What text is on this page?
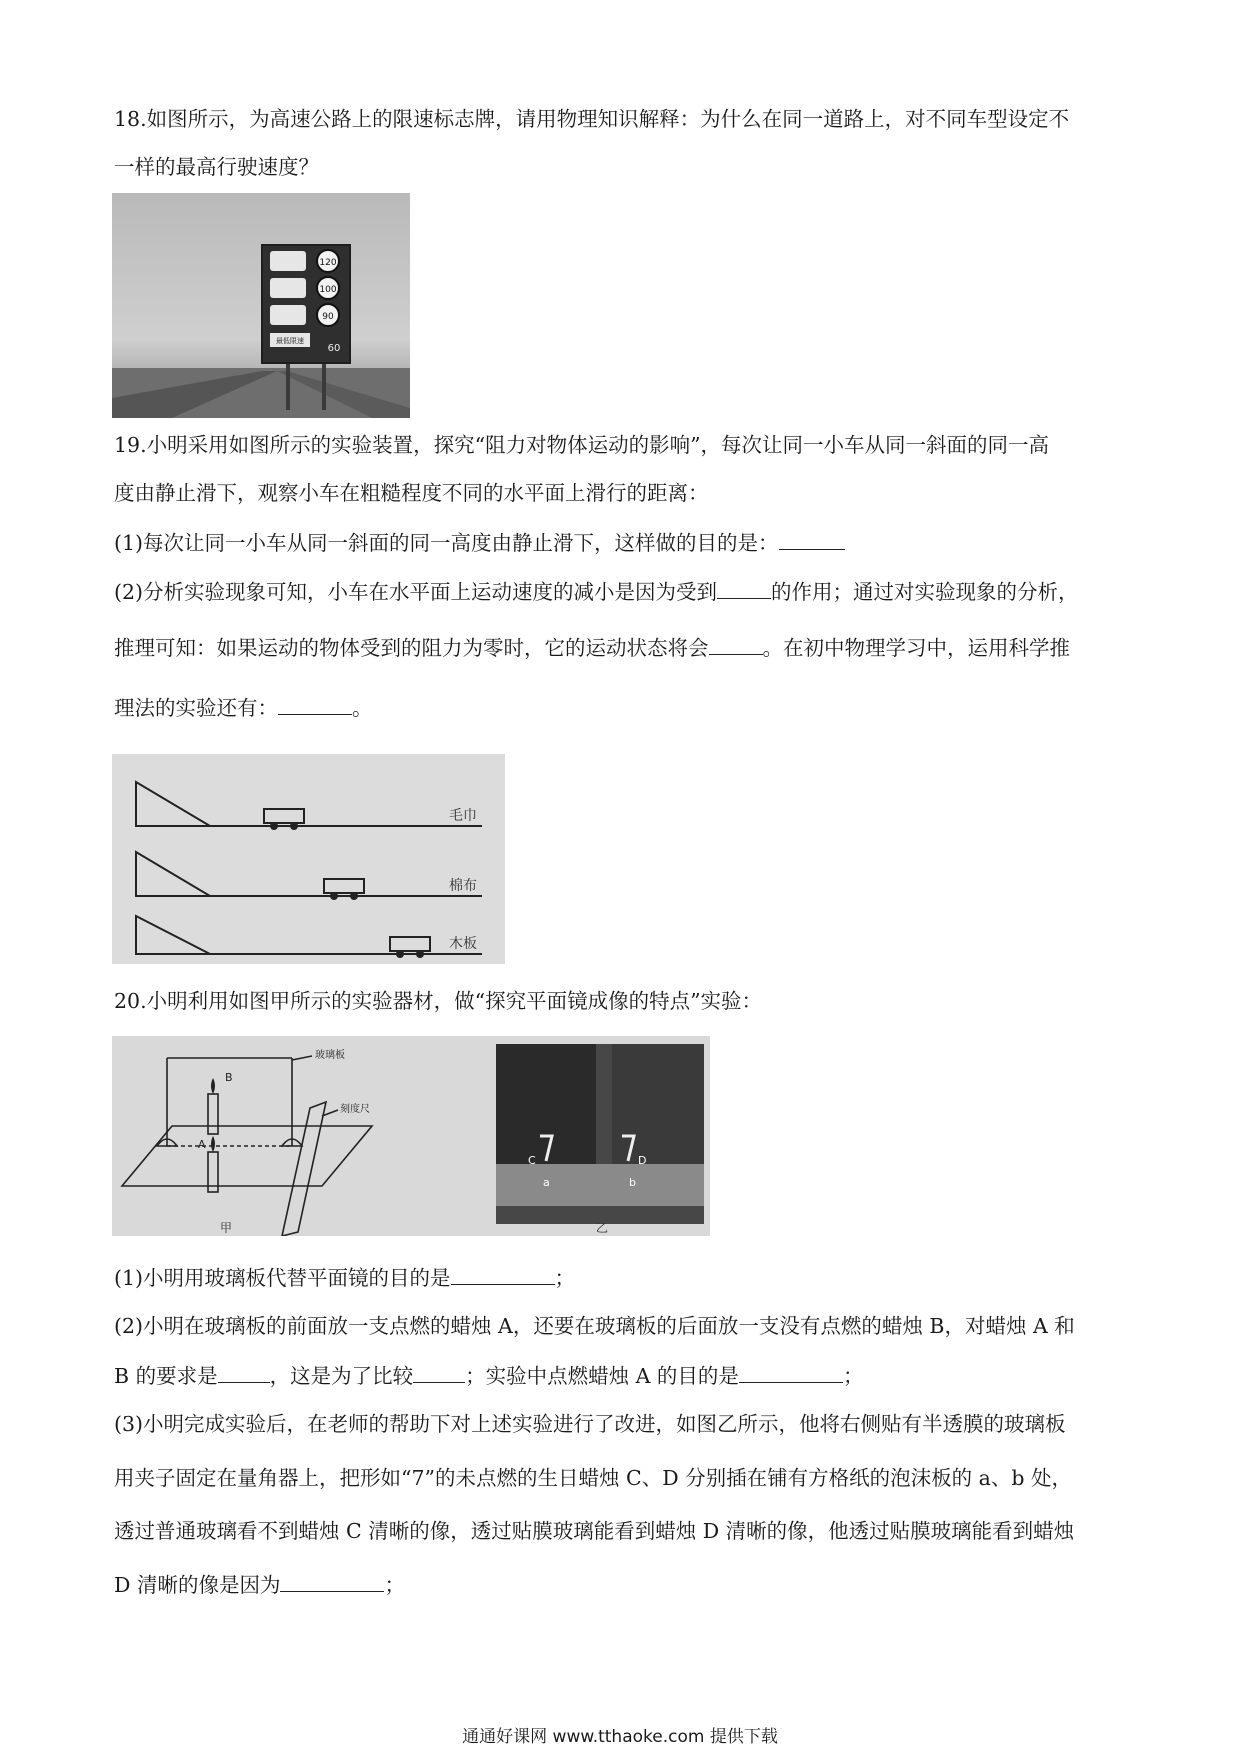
18.如图所示，为高速公路上的限速标志牌，请用物理知识解释：为什么在同一道路上，对不同车型设定不
一样的最高行驶速度？
120
100
90
最低限速
60
19.小明采用如图所示的实验装置，探究“阻力对物体运动的影响”，每次让同一小车从同一斜面的同一高
度由静止滑下，观察小车在粗糙程度不同的水平面上滑行的距离：
(1)每次让同一小车从同一斜面的同一高度由静止滑下，这样做的目的是：
(2)分析实验现象可知，小车在水平面上运动速度的减小是因为受到	的作用；通过对实验现象的分析，
推理可知：如果运动的物体受到的阻力为零时，它的运动状态将会	。在初中物理学习中，运用科学推
理法的实验还有：	。
毛巾
棉布
木板
20.小明利用如图甲所示的实验器材，做“探究平面镜成像的特点”实验：
B
A
玻璃板
刻度尺
甲
C	D
a	b
乙
(1)小明用玻璃板代替平面镜的目的是	；
(2)小明在玻璃板的前面放一支点燃的蜡烛 A，还要在玻璃板的后面放一支没有点燃的蜡烛 B，对蜡烛 A 和
B 的要求是	，这是为了比较	；实验中点燃蜡烛 A 的目的是	；
(3)小明完成实验后，在老师的帮助下对上述实验进行了改进，如图乙所示，他将右侧贴有半透膜的玻璃板
用夹子固定在量角器上，把形如“7”的未点燃的生日蜡烛 C、D 分别插在铺有方格纸的泡沫板的 a、b 处，
透过普通玻璃看不到蜡烛 C 清晰的像，透过贴膜玻璃能看到蜡烛 D 清晰的像，他透过贴膜玻璃能看到蜡烛
D 清晰的像是因为	；
通通好课网 www.tthaoke.com 提供下载
